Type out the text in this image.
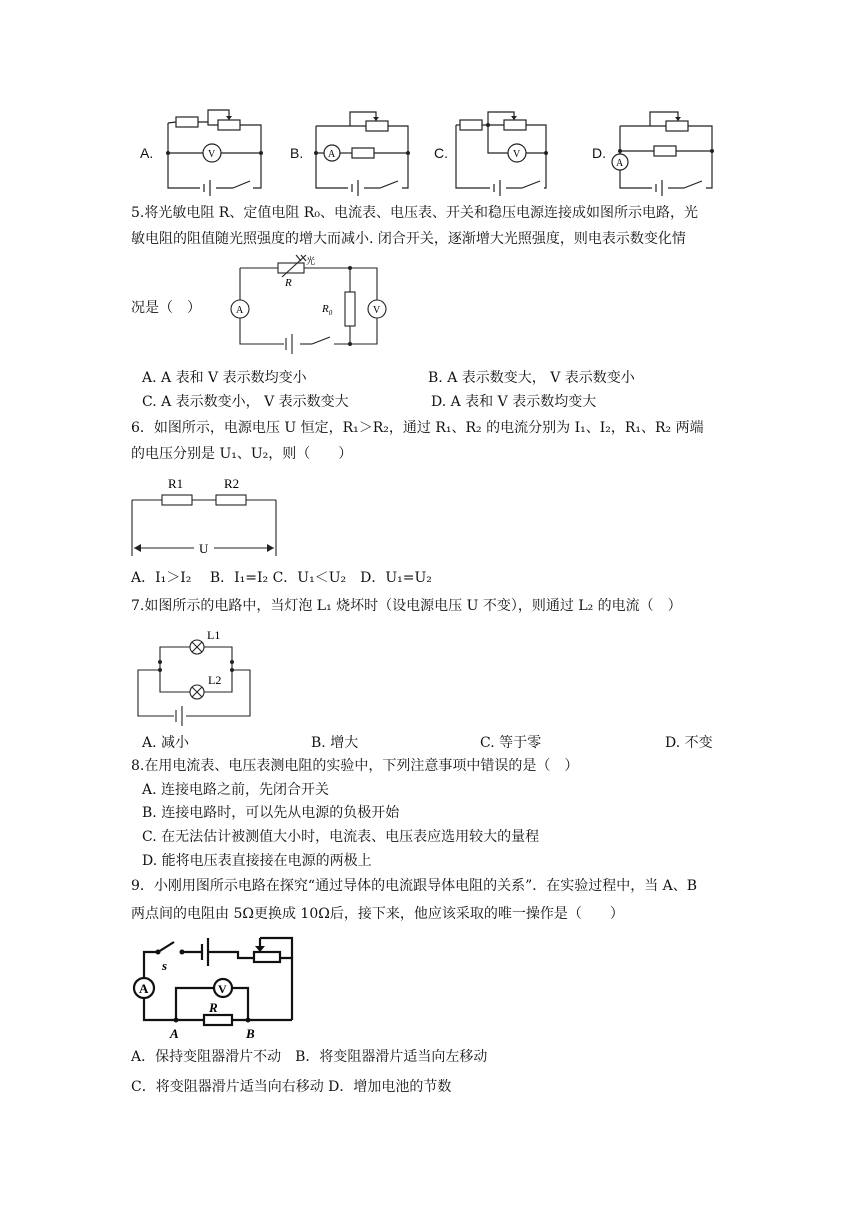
A.	V	B. A	C.	V	D.
A
5.将光敏电阻 R、定值电阻 R₀、电流表、电压表、开关和稳压电源连接成如图所示电路，光
敏电阻的阻值随光照强度的增大而减小. 闭合开关，逐渐增大光照强度，则电表示数变化情
况是（　）
R
光
$R_0$
A	V
A. A 表和 V 表示数均变小	B. A 表示数变大， V 表示数变小
C. A 表示数变小， V 表示数变大	D. A 表和 V 表示数均变大
6．如图所示，电源电压 U 恒定，R₁＞R₂，通过 R₁、R₂ 的电流分别为 I₁、I₂，R₁、R₂ 两端
的电压分别是 U₁、U₂，则（　　）
R1	R2
U
A．I₁＞I₂　 B．I₁=I₂ C．U₁＜U₂　D．U₁=U₂
7.如图所示的电路中，当灯泡 L₁ 烧坏时（设电源电压 U 不变），则通过 L₂ 的电流（　）
L1
L2
A. 减小	B. 增大	C. 等于零	D. 不变
8.在用电流表、电压表测电阻的实验中，下列注意事项中错误的是（　）
A. 连接电路之前，先闭合开关
B. 连接电路时，可以先从电源的负极开始
C. 在无法估计被测值大小时，电流表、电压表应选用较大的量程
D. 能将电压表直接接在电源的两极上
9．小刚用图所示电路在探究“通过导体的电流跟导体电阻的关系”．在实验过程中，当 A、B
两点间的电阻由 5Ω更换成 10Ω后，接下来，他应该采取的唯一操作是（　　）
s
A	V
R
A	B
A．保持变阻器滑片不动　B．将变阻器滑片适当向左移动
C．将变阻器滑片适当向右移动 D．增加电池的节数
